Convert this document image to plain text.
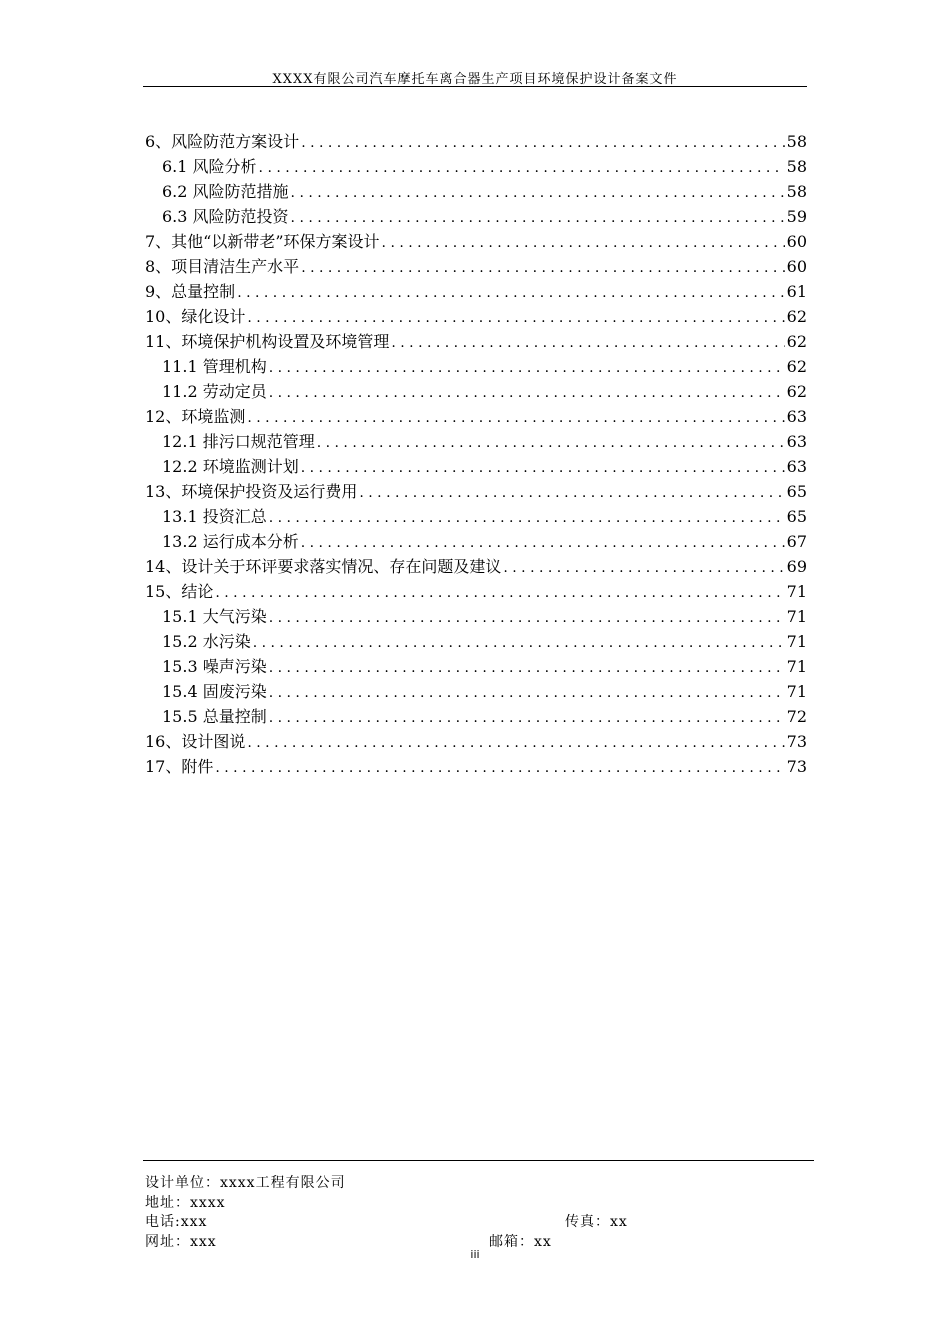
XXXX有限公司汽车摩托车离合器生产项目环境保护设计备案文件
6、风险防范方案设计 . . .	58
6.1 风险分析 . . .	58
6.2 风险防范措施 . . .	58
6.3 风险防范投资 . . .	59
7、其他“以新带老”环保方案设计 . . .	60
8、项目清洁生产水平 . . .	60
9、总量控制 . . .	61
10、绿化设计 . . .	62
11、环境保护机构设置及环境管理 . . .	62
11.1 管理机构 . . .	62
11.2 劳动定员 . . .	62
12、环境监测 . . .	63
12.1 排污口规范管理 . . .	63
12.2 环境监测计划 . . .	63
13、环境保护投资及运行费用 . . .	65
13.1 投资汇总 . . .	65
13.2 运行成本分析 . . .	67
14、设计关于环评要求落实情况、存在问题及建议 . . .	69
15、结论 . . .	71
15.1 大气污染 . . .	71
15.2 水污染 . . .	71
15.3 噪声污染 . . .	71
15.4 固废污染 . . .	71
15.5 总量控制 . . .	72
16、设计图说 . . .	73
17、附件 . . .	73
设计单位：xxxx工程有限公司
地址：xxxx
电话:xxx	传真：xx
网址：xxx	邮箱：xx
iii
